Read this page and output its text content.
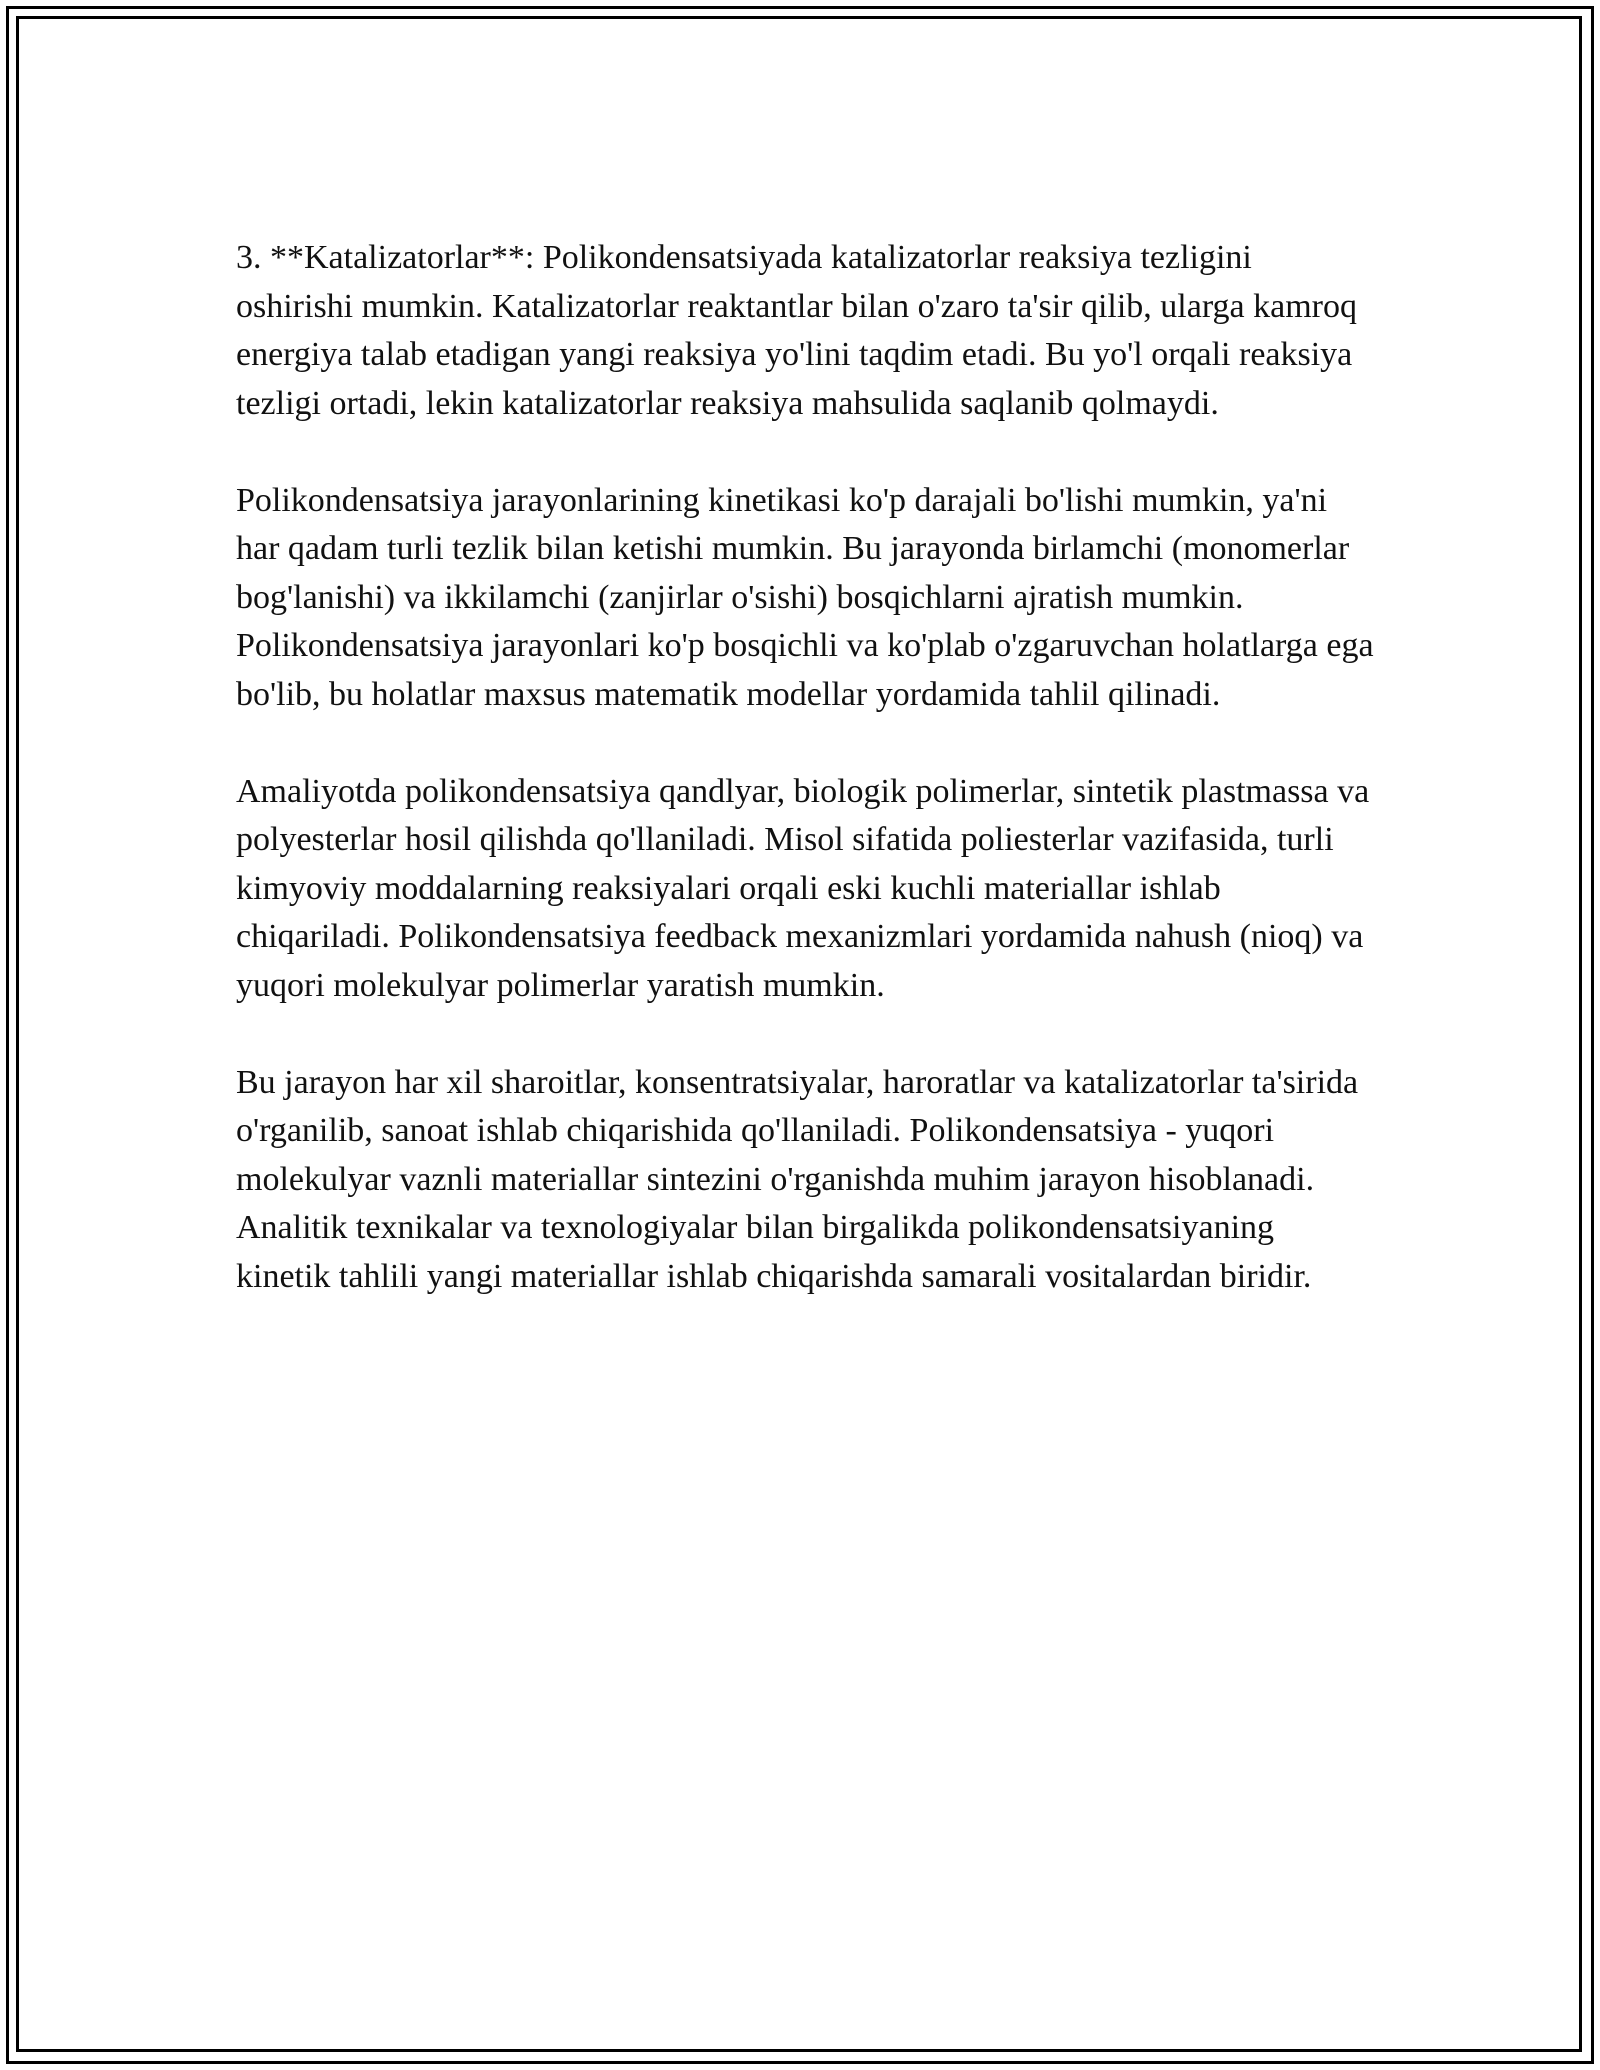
3. **Katalizatorlar**: Polikondensatsiyada katalizatorlar reaksiya tezligini oshirishi mumkin. Katalizatorlar reaktantlar bilan o'zaro ta'sir qilib, ularga kamroq energiya talab etadigan yangi reaksiya yo'lini taqdim etadi. Bu yo'l orqali reaksiya tezligi ortadi, lekin katalizatorlar reaksiya mahsulida saqlanib qolmaydi.

Polikondensatsiya jarayonlarining kinetikasi ko'p darajali bo'lishi mumkin, ya'ni har qadam turli tezlik bilan ketishi mumkin. Bu jarayonda birlamchi (monomerlar bog'lanishi) va ikkilamchi (zanjirlar o'sishi) bosqichlarni ajratish mumkin. Polikondensatsiya jarayonlari ko'p bosqichli va ko'plab o'zgaruvchan holatlarga ega bo'lib, bu holatlar maxsus matematik modellar yordamida tahlil qilinadi.

Amaliyotda polikondensatsiya qandlyar, biologik polimerlar, sintetik plastmassa va polyesterlar hosil qilishda qo'llaniladi. Misol sifatida poliesterlar vazifasida, turli kimyoviy moddalarning reaksiyalari orqali eski kuchli materiallar ishlab chiqariladi. Polikondensatsiya feedback mexanizmlari yordamida nahush (nioq) va yuqori molekulyar polimerlar yaratish mumkin.

Bu jarayon har xil sharoitlar, konsentratsiyalar, haroratlar va katalizatorlar ta'sirida o'rganilib, sanoat ishlab chiqarishida qo'llaniladi. Polikondensatsiya - yuqori molekulyar vaznli materiallar sintezini o'rganishda muhim jarayon hisoblanadi. Analitik texnikalar va texnologiyalar bilan birgalikda polikondensatsiyaning kinetik tahlili yangi materiallar ishlab chiqarishda samarali vositalardan biridir.
